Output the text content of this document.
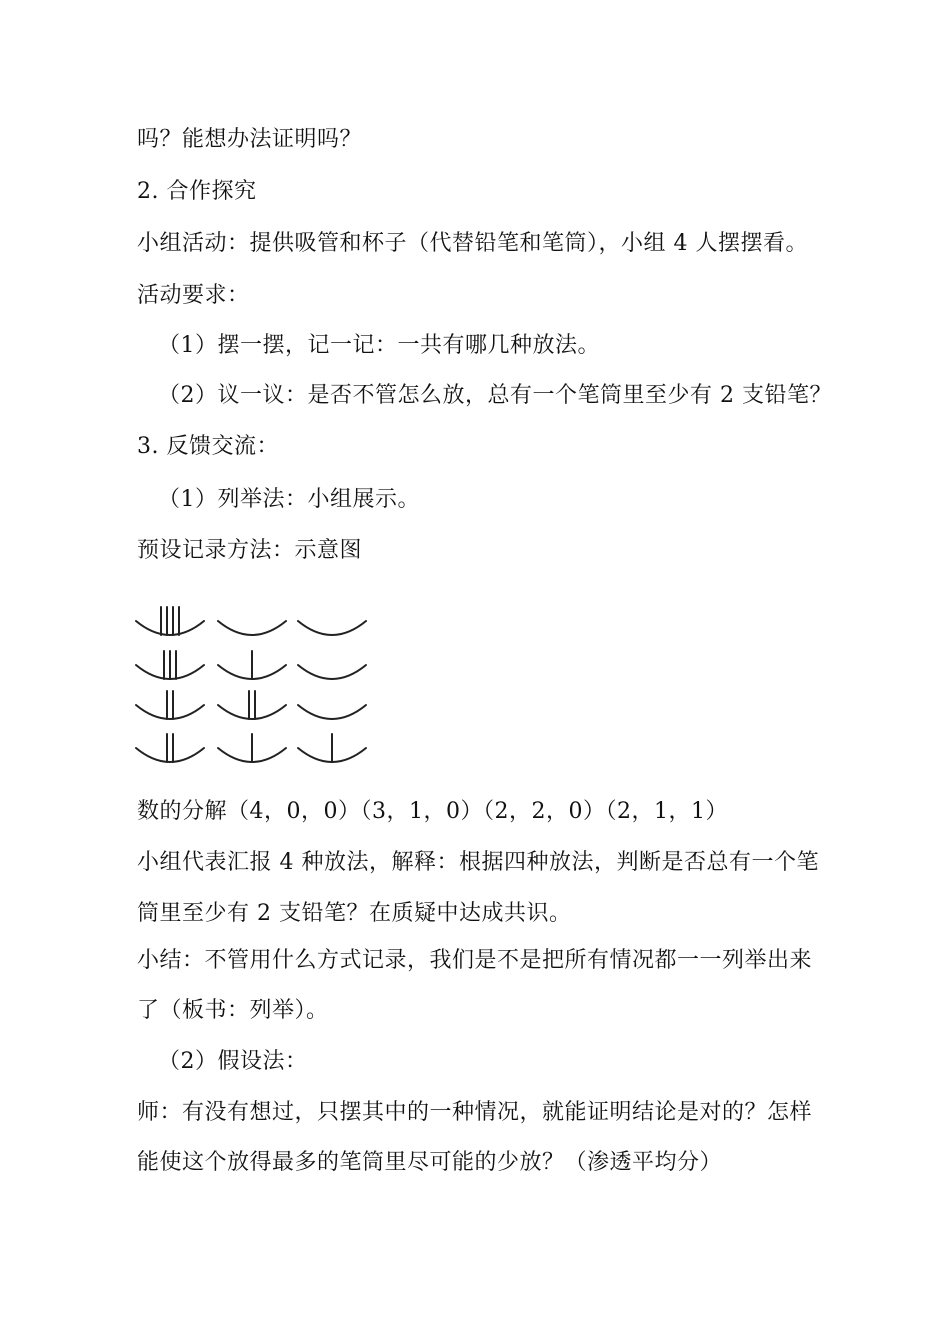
吗？能想办法证明吗？
2. 合作探究
小组活动：提供吸管和杯子（代替铅笔和笔筒），小组 4 人摆摆看。
活动要求：
（1）摆一摆，记一记：一共有哪几种放法。
（2）议一议：是否不管怎么放，总有一个笔筒里至少有 2 支铅笔？
3. 反馈交流：
（1）列举法：小组展示。
预设记录方法：示意图
数的分解（4，0，0）（3，1，0）（2，2，0）（2，1，1）
小组代表汇报 4 种放法，解释：根据四种放法，判断是否总有一个笔
筒里至少有 2 支铅笔？在质疑中达成共识。
小结：不管用什么方式记录，我们是不是把所有情况都一一列举出来
了（板书：列举）。
（2）假设法：
师：有没有想过，只摆其中的一种情况，就能证明结论是对的？怎样
能使这个放得最多的笔筒里尽可能的少放？（渗透平均分）
